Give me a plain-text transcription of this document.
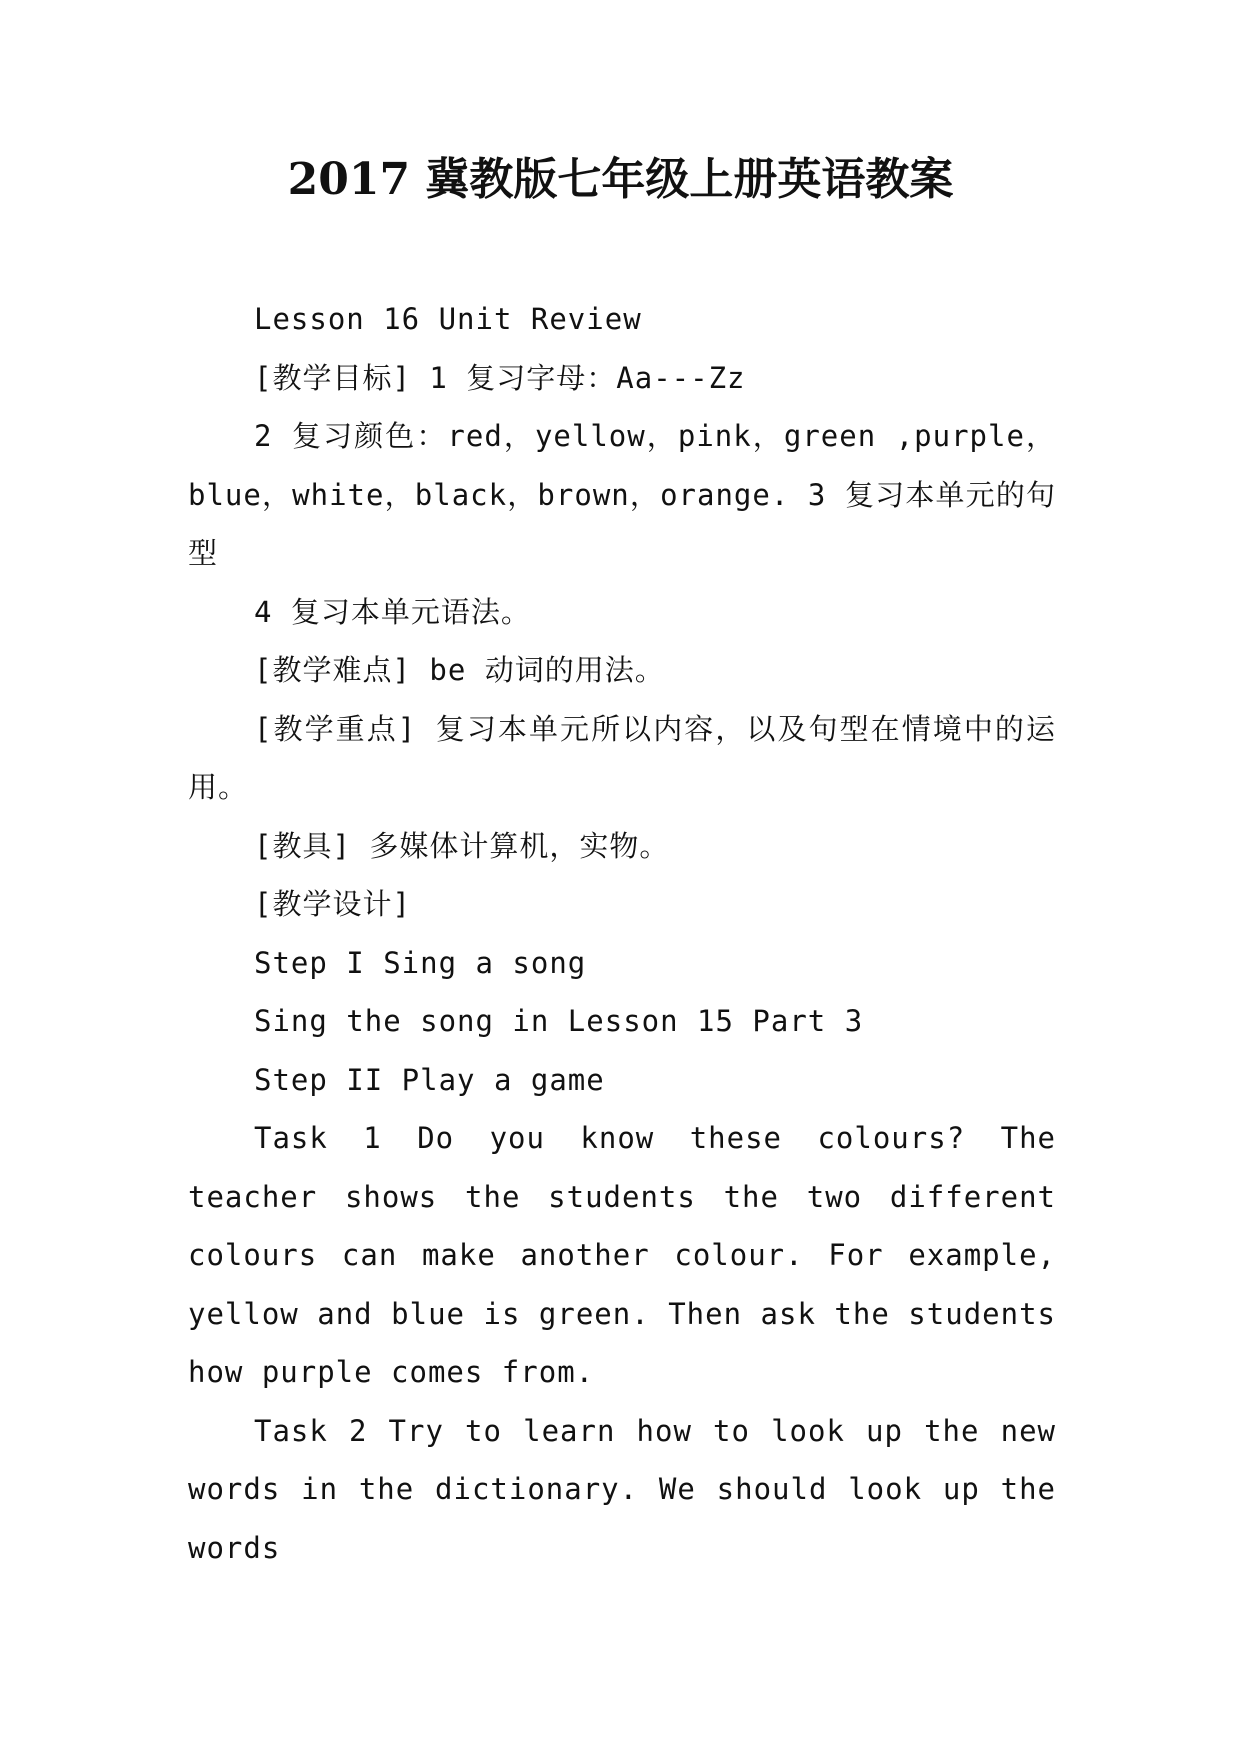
2017 冀教版七年级上册英语教案

Lesson 16 Unit Review

[教学目标] 1 复习字母：Aa---Zz

2 复习颜色：red，yellow，pink，green ,purple，blue，white，black，brown，orange. 3 复习本单元的句型

4 复习本单元语法。

[教学难点] be 动词的用法。

[教学重点] 复习本单元所以内容，以及句型在情境中的运用。

[教具] 多媒体计算机，实物。

[教学设计]

Step I Sing a song

Sing the song in Lesson 15 Part 3

Step II Play a game

Task 1 Do you know these colours? The teacher shows the students the two different colours can make another colour. For example, yellow and blue is green. Then ask the students how purple comes from.

Task 2 Try to learn how to look up the new words in the dictionary. We should look up the words
